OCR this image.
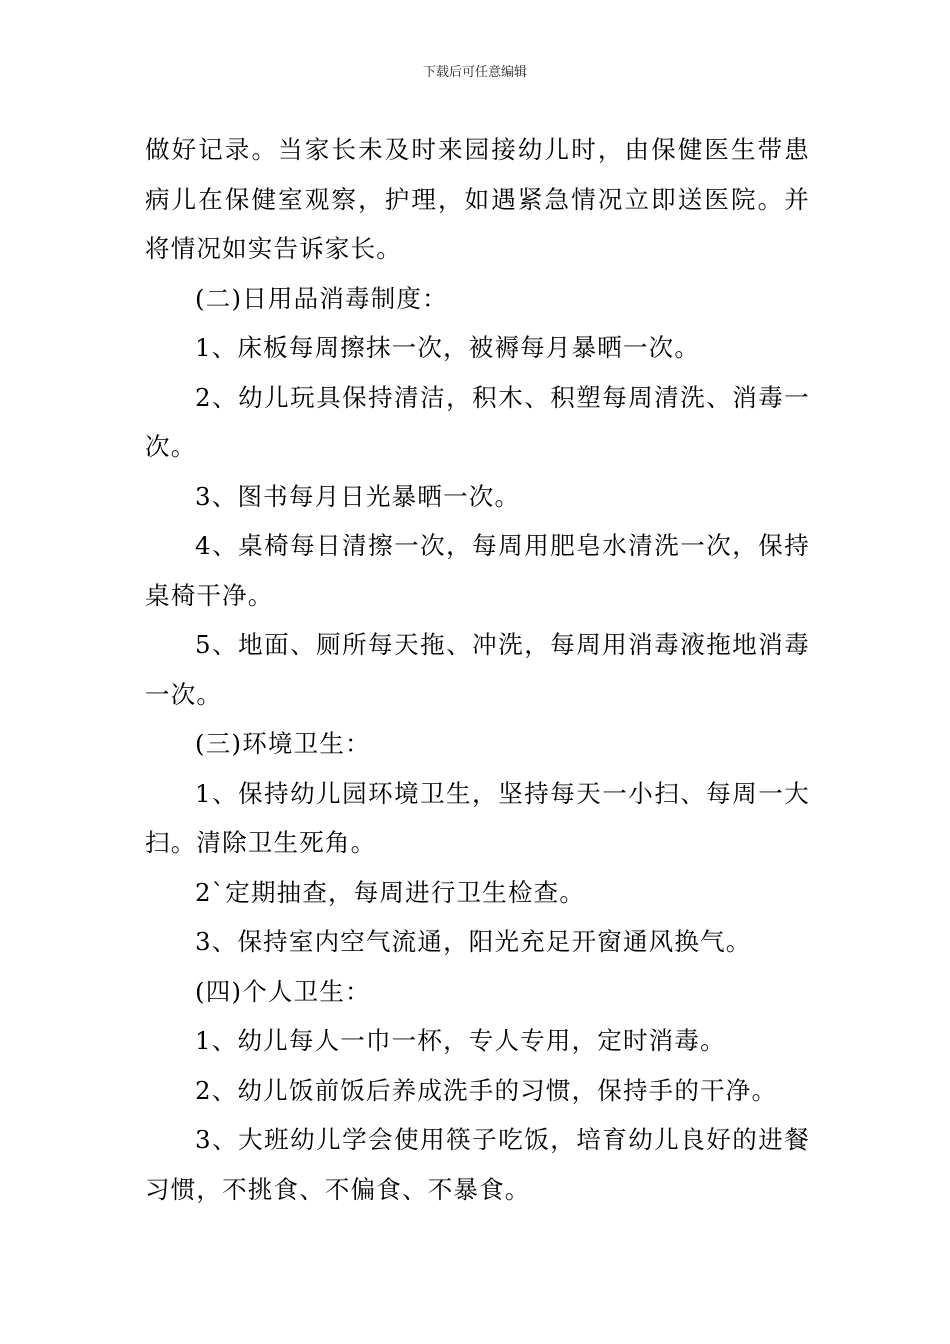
下载后可任意编辑

做好记录。当家长未及时来园接幼儿时，由保健医生带患病儿在保健室观察，护理，如遇紧急情况立即送医院。并将情况如实告诉家长。

(二)日用品消毒制度：

1、床板每周擦抹一次，被褥每月暴晒一次。

2、幼儿玩具保持清洁，积木、积塑每周清洗、消毒一次。

3、图书每月日光暴晒一次。

4、桌椅每日清擦一次，每周用肥皂水清洗一次，保持桌椅干净。

5、地面、厕所每天拖、冲洗，每周用消毒液拖地消毒一次。

(三)环境卫生：

1、保持幼儿园环境卫生，坚持每天一小扫、每周一大扫。清除卫生死角。

2`定期抽查，每周进行卫生检查。

3、保持室内空气流通，阳光充足开窗通风换气。

(四)个人卫生：

1、幼儿每人一巾一杯，专人专用，定时消毒。

2、幼儿饭前饭后养成洗手的习惯，保持手的干净。

3、大班幼儿学会使用筷子吃饭，培育幼儿良好的进餐习惯，不挑食、不偏食、不暴食。
